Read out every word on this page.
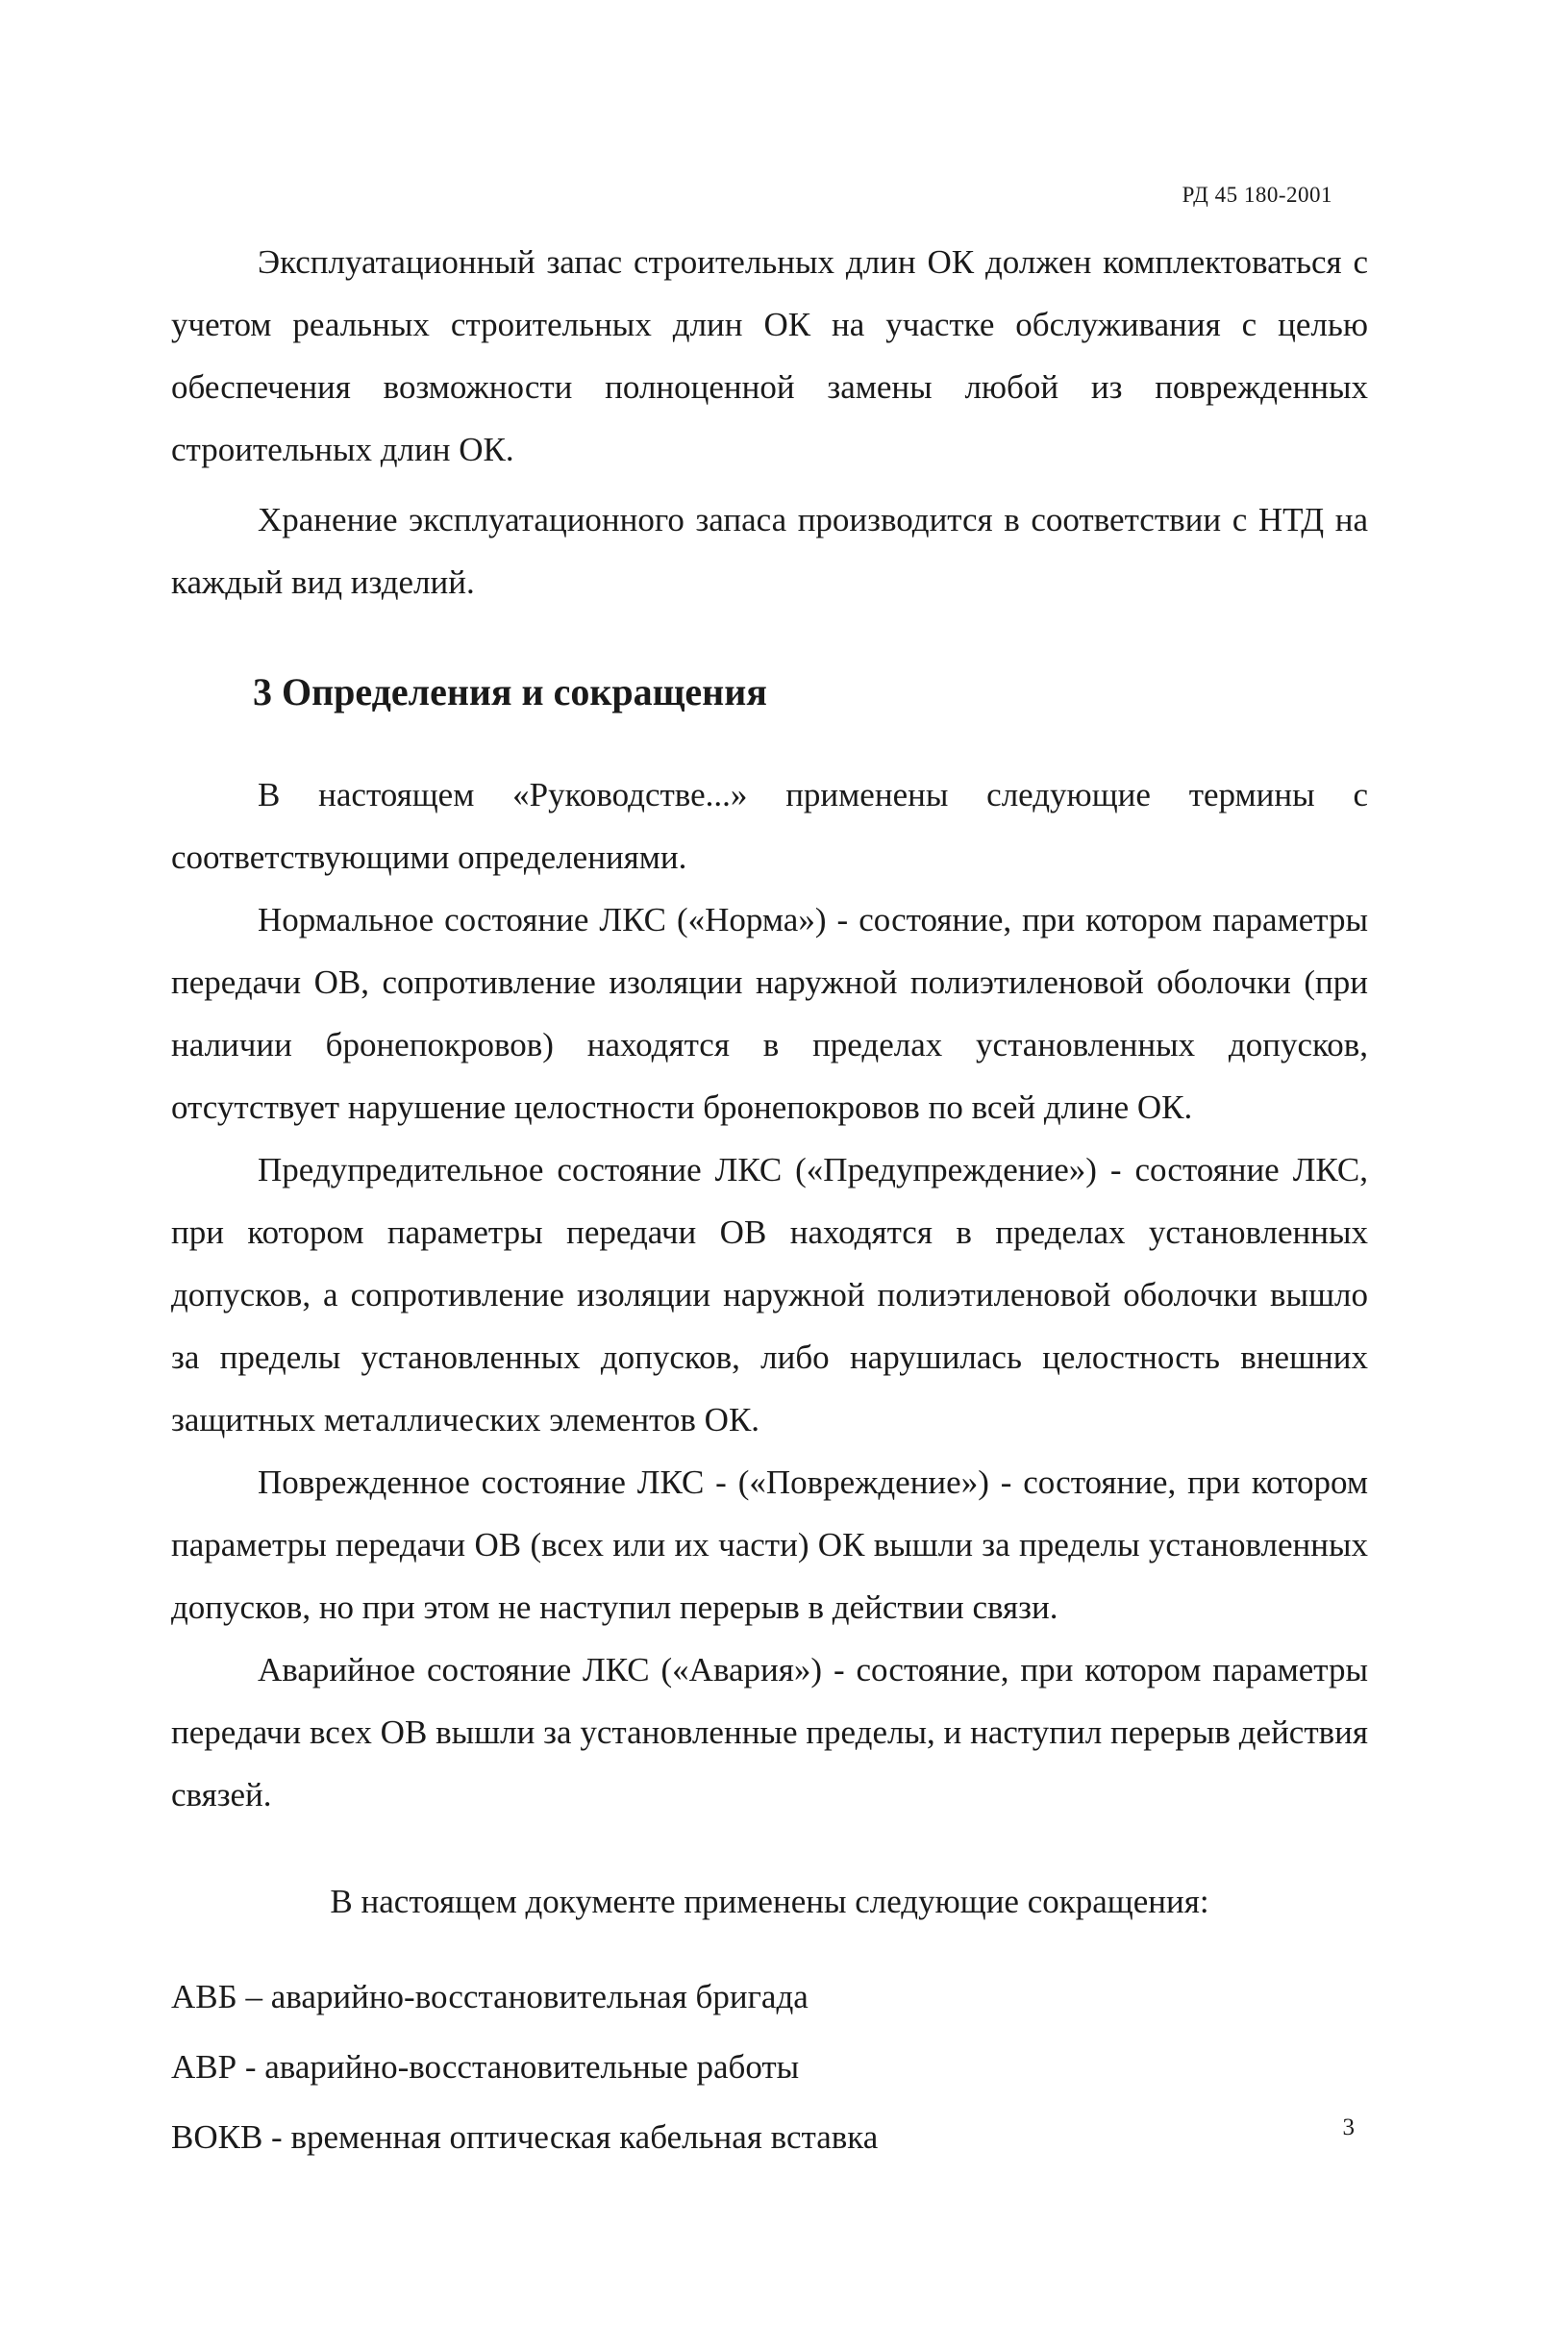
РД 45 180-2001

Эксплуатационный запас строительных длин ОК должен комплектоваться с учетом реальных строительных длин ОК на участке обслуживания с целью обеспечения возможности полноценной замены любой из поврежденных строительных длин ОК.

Хранение эксплуатационного запаса производится в соответствии с НТД на каждый вид изделий.

3 Определения и сокращения

В настоящем «Руководстве...» применены следующие термины с соответствующими определениями.

Нормальное состояние ЛКС («Норма») - состояние, при котором параметры передачи ОВ, сопротивление изоляции наружной полиэтиленовой оболочки (при наличии бронепокровов) находятся в пределах установленных допусков, отсутствует нарушение целостности бронепокровов по всей длине ОК.

Предупредительное состояние ЛКС («Предупреждение») - состояние ЛКС, при котором параметры передачи ОВ находятся в пределах установленных допусков, а сопротивление изоляции наружной полиэтиленовой оболочки вышло за пределы установленных допусков, либо нарушилась целостность внешних защитных металлических элементов ОК.

Поврежденное состояние ЛКС - («Повреждение») - состояние, при котором параметры передачи ОВ (всех или их части) ОК вышли за пределы установленных допусков, но при этом не наступил перерыв в действии связи.

Аварийное состояние ЛКС («Авария») - состояние, при котором параметры передачи всех ОВ вышли за установленные пределы, и наступил перерыв действия связей.

В настоящем документе применены следующие сокращения:

АВБ – аварийно-восстановительная бригада

АВР - аварийно-восстановительные работы

ВОКВ - временная оптическая кабельная вставка	3
